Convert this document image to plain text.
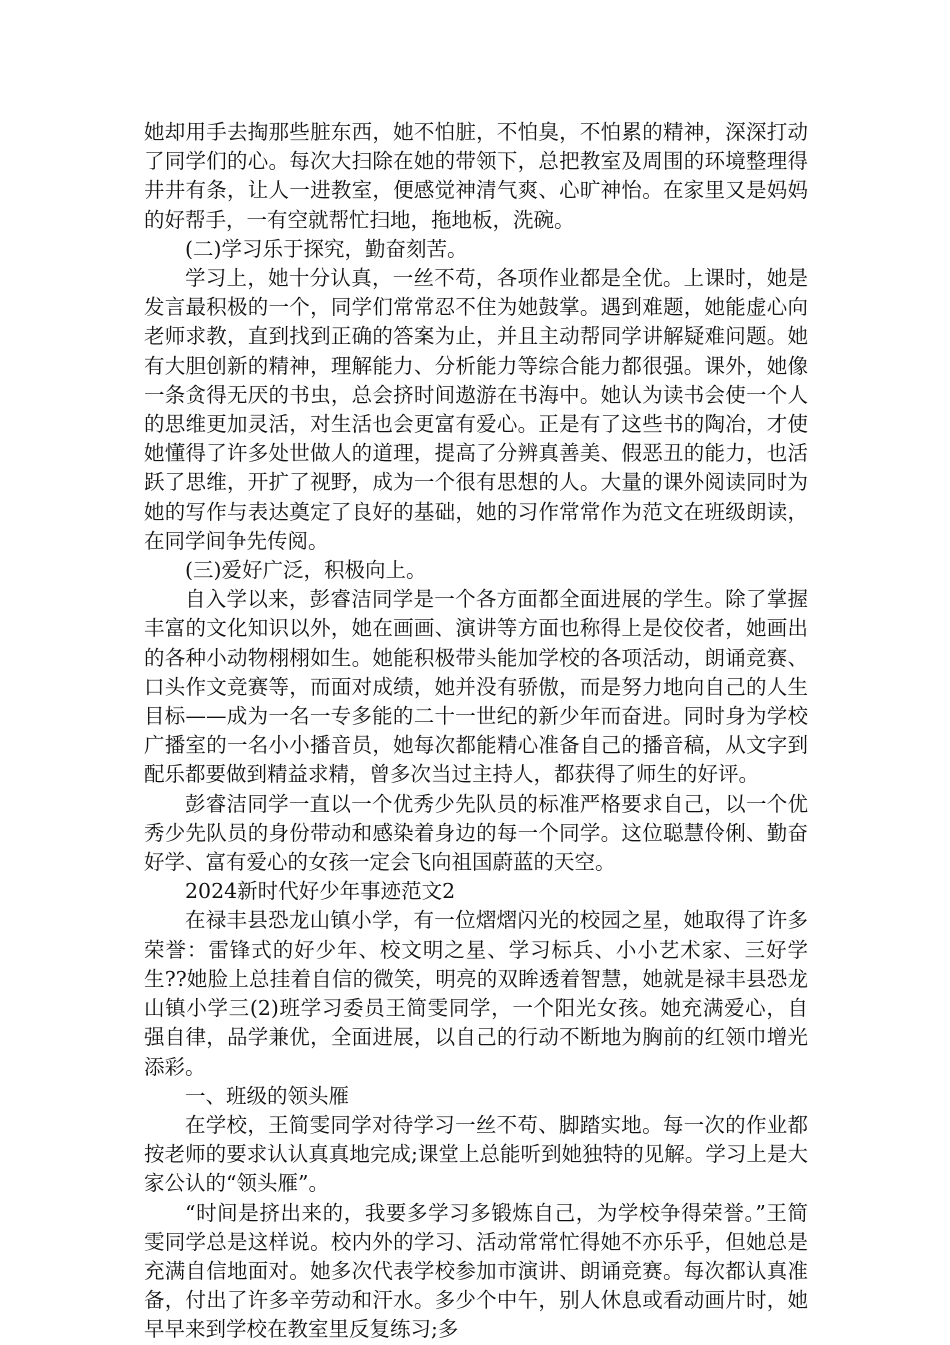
她却用手去掏那些脏东西，她不怕脏，不怕臭，不怕累的精神，深深打动了同学们的心。每次大扫除在她的带领下，总把教室及周围的环境整理得井井有条，让人一进教室，便感觉神清气爽、心旷神怡。在家里又是妈妈的好帮手，一有空就帮忙扫地，拖地板，洗碗。

(二)学习乐于探究，勤奋刻苦。

学习上，她十分认真，一丝不苟，各项作业都是全优。上课时，她是发言最积极的一个，同学们常常忍不住为她鼓掌。遇到难题，她能虚心向老师求教，直到找到正确的答案为止，并且主动帮同学讲解疑难问题。她有大胆创新的精神，理解能力、分析能力等综合能力都很强。课外，她像一条贪得无厌的书虫，总会挤时间遨游在书海中。她认为读书会使一个人的思维更加灵活，对生活也会更富有爱心。正是有了这些书的陶冶，才使她懂得了许多处世做人的道理，提高了分辨真善美、假恶丑的能力，也活跃了思维，开扩了视野，成为一个很有思想的人。大量的课外阅读同时为她的写作与表达奠定了良好的基础，她的习作常常作为范文在班级朗读，在同学间争先传阅。

(三)爱好广泛，积极向上。

自入学以来，彭睿洁同学是一个各方面都全面进展的学生。除了掌握丰富的文化知识以外，她在画画、演讲等方面也称得上是佼佼者，她画出的各种小动物栩栩如生。她能积极带头能加学校的各项活动，朗诵竞赛、口头作文竞赛等，而面对成绩，她并没有骄傲，而是努力地向自己的人生目标——成为一名一专多能的二十一世纪的新少年而奋进。同时身为学校广播室的一名小小播音员，她每次都能精心准备自己的播音稿，从文字到配乐都要做到精益求精，曾多次当过主持人，都获得了师生的好评。

彭睿洁同学一直以一个优秀少先队员的标准严格要求自己，以一个优秀少先队员的身份带动和感染着身边的每一个同学。这位聪慧伶俐、勤奋好学、富有爱心的女孩一定会飞向祖国蔚蓝的天空。

2024新时代好少年事迹范文2

在禄丰县恐龙山镇小学，有一位熠熠闪光的校园之星，她取得了许多荣誉：雷锋式的好少年、校文明之星、学习标兵、小小艺术家、三好学生??她脸上总挂着自信的微笑，明亮的双眸透着智慧，她就是禄丰县恐龙山镇小学三(2)班学习委员王简雯同学，一个阳光女孩。她充满爱心，自强自律，品学兼优，全面进展，以自己的行动不断地为胸前的红领巾增光添彩。

一、班级的领头雁

在学校，王简雯同学对待学习一丝不苟、脚踏实地。每一次的作业都按老师的要求认认真真地完成;课堂上总能听到她独特的见解。学习上是大家公认的“领头雁”。

“时间是挤出来的，我要多学习多锻炼自己，为学校争得荣誉。”王简雯同学总是这样说。校内外的学习、活动常常忙得她不亦乐乎，但她总是充满自信地面对。她多次代表学校参加市演讲、朗诵竞赛。每次都认真准备，付出了许多辛劳动和汗水。多少个中午，别人休息或看动画片时，她早早来到学校在教室里反复练习;多
